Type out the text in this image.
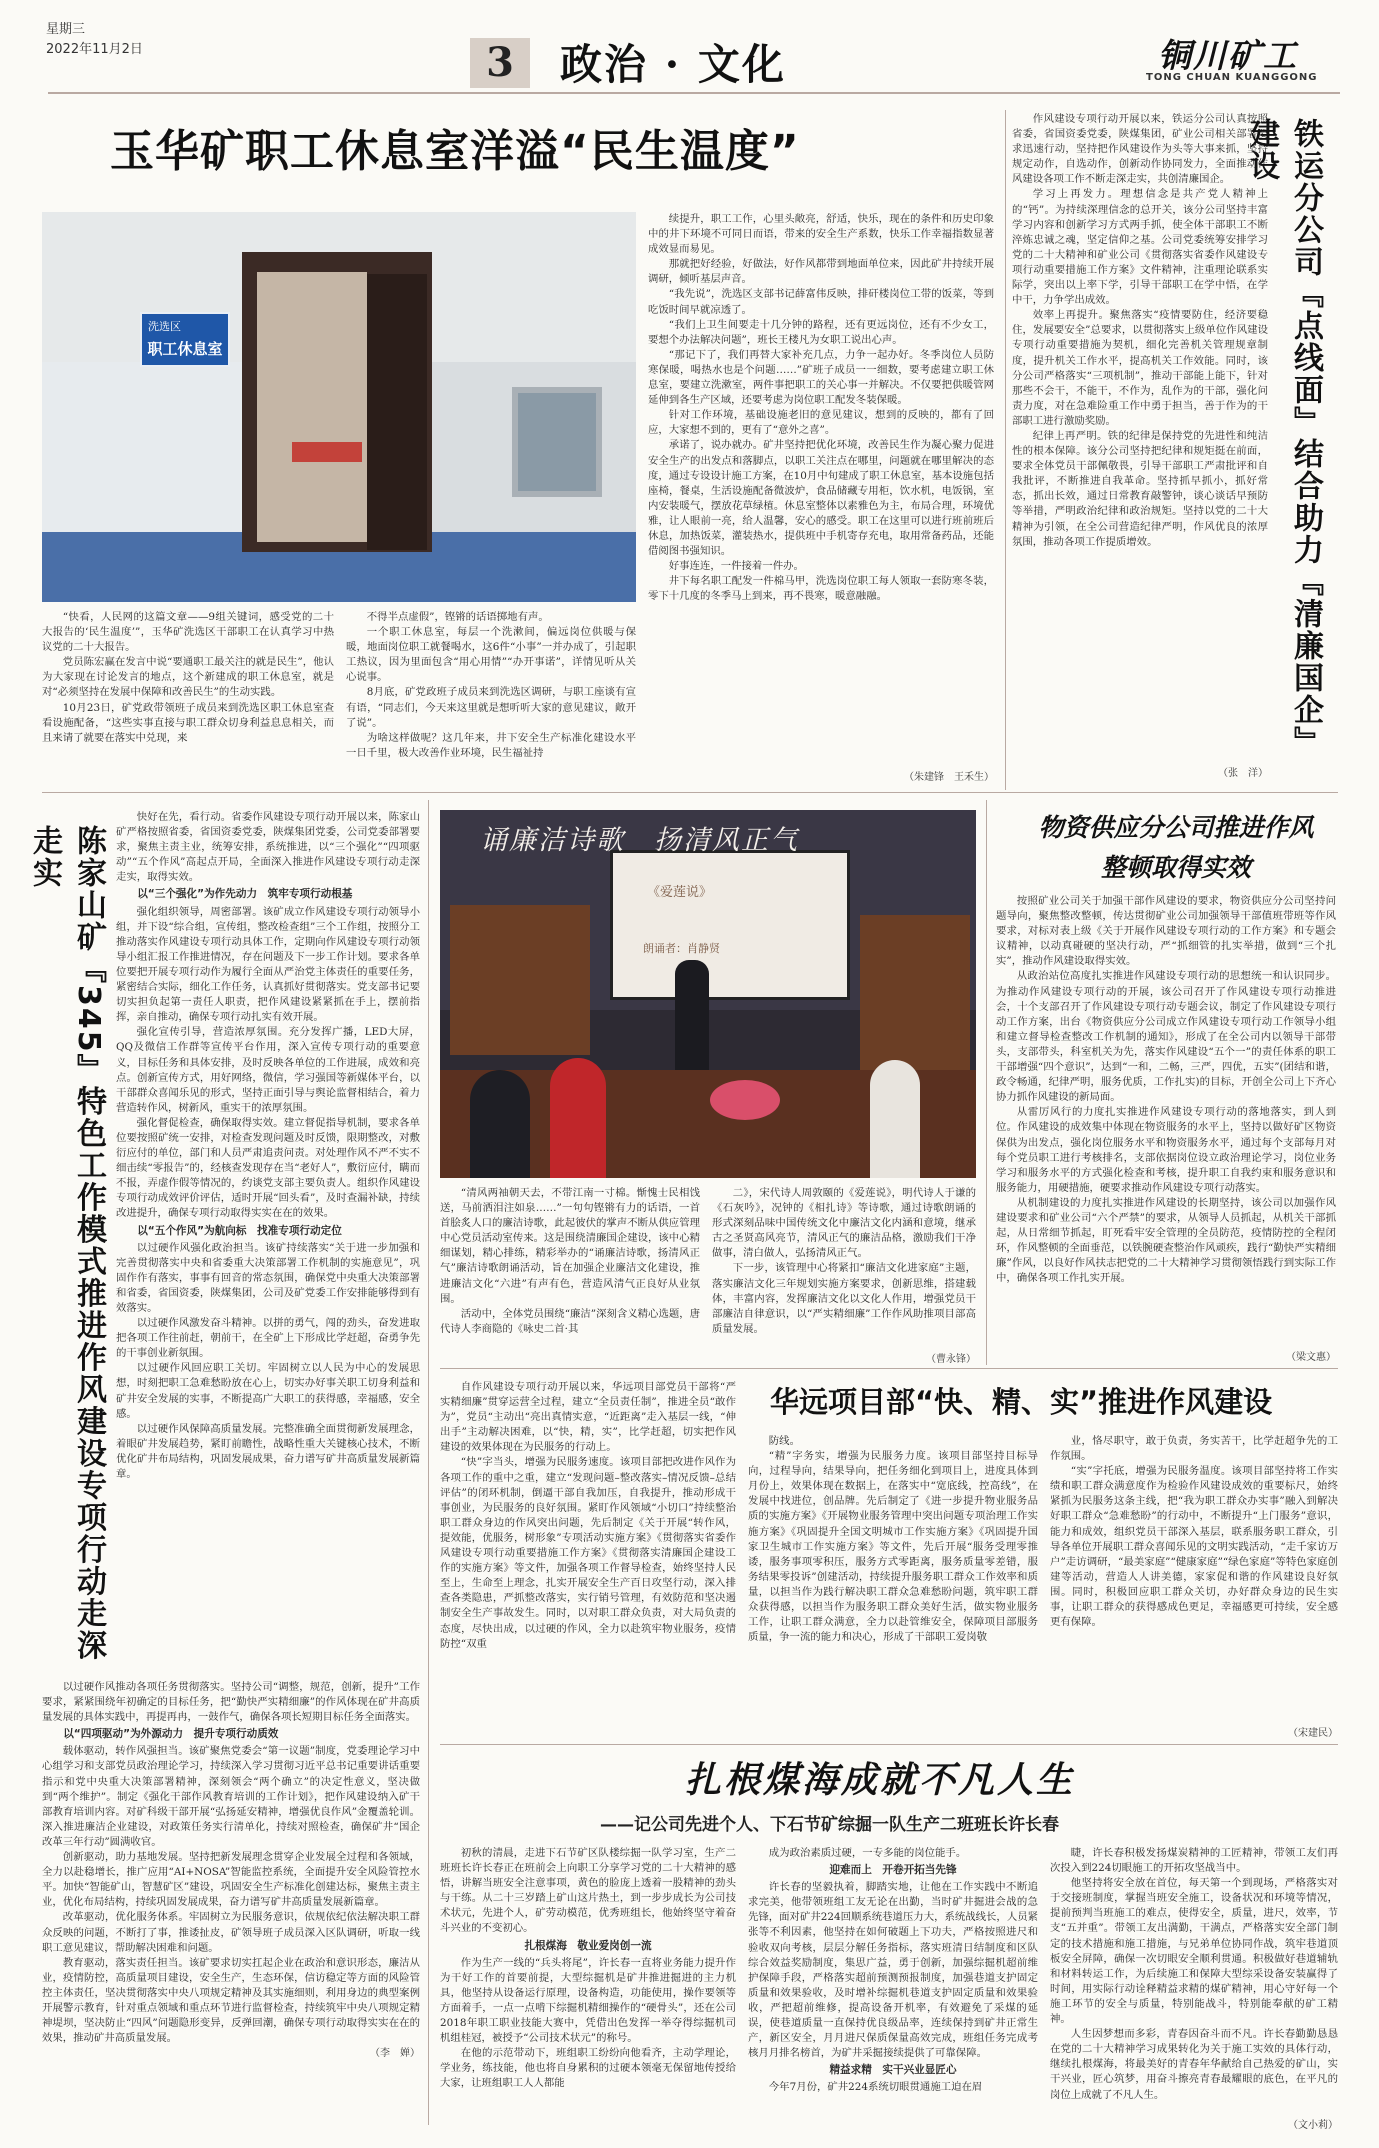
星期三
2022年11月2日	3	政治 · 文化	铜川矿工
TONG CHUAN KUANGGONG
玉华矿职工休息室洋溢“民生温度”
洗选区
职工休息室

“快看，人民网的这篇文章——9组关键词，感受党的二十大报告的‘民生温度’”，玉华矿洗选区干部职工在认真学习中热议党的二十大报告。

党员陈宏赢在发言中说“要通职工最关注的就是民生”，他认为大家现在讨论发言的地点，这个新建成的职工休息室，就是对“必须坚持在发展中保障和改善民生”的生动实践。

10月23日，矿党政带领班子成员来到洗选区职工休息室查看设施配备，“这些实事直接与职工群众切身利益息息相关，而且来请了就要在落实中兑现，来

不得半点虚假”，铿锵的话语掷地有声。

一个职工休息室，每层一个洗漱间，偏远岗位供暖与保暖，地面岗位职工就餐喝水，这6件“小事”一并办成了，引起职工热议，因为里面包含“用心用情”“办开事诺”，详情见听从关心说事。

8月底，矿党政班子成员来到洗选区调研，与职工座谈有宣有语，“同志们，今天来这里就是想听听大家的意见建议，敞开了说”。

为啥这样做呢？这几年来，井下安全生产标准化建设水平一日千里，极大改善作业环境，民生福祉持

续提升，职工工作，心里头敞亮，舒适，快乐，现在的条件和历史印象中的井下环境不可同日而语，带来的安全生产系数，快乐工作幸福指数显著成效显而易见。

那就把好经验，好做法，好作风都带到地面单位来，因此矿井持续开展调研，倾听基层声音。

“我先说”，洗选区支部书记薛富伟反映，排矸楼岗位工带的饭菜，等到吃饭时间早就凉透了。

“我们上卫生间要走十几分钟的路程，还有更远岗位，还有不少女工，要想个办法解决问题”，班长王楼凡为女职工说出心声。

“那记下了，我们再替大家补充几点，力争一起办好。冬季岗位人员防寒保暖，喝热水也是个问题……”矿班子成员一一细数，要考虑建立职工休息室，要建立洗漱室，两件事把职工的关心事一并解决。不仅要把供暖管网延伸到各生产区域，还要考虑为岗位职工配发冬装保暖。

针对工作环境，基础设施老旧的意见建议，想到的反映的，都有了回应，大家想不到的，更有了“意外之喜”。

承诺了，说办就办。矿井坚持把优化环境，改善民生作为凝心聚力促进安全生产的出发点和落脚点，以职工关注点在哪里，问题就在哪里解决的态度，通过专设设计施工方案，在10月中旬建成了职工休息室，基本设施包括座椅，餐桌，生活设施配备微波炉，食品储藏专用柜，饮水机，电饭锅，室内安装暖气，摆放花草绿植。休息室整体以素雅色为主，布局合理，环境优雅，让人眼前一亮，给人温馨，安心的感受。职工在这里可以进行班前班后休息，加热饭菜，灌装热水，提供班中手机寄存充电，取用常备药品，还能借阅图书强知识。

好事连连，一件接着一件办。

井下每名职工配发一件棉马甲，洗选岗位职工每人领取一套防寒冬装，零下十几度的冬季马上到来，再不畏寒，暖意融融。

（朱建锋　王禾生）

作风建设专项行动开展以来，铁运分公司认真按照省委，省国资委党委，陕煤集团，矿业公司相关部署要求迅速行动，坚持把作风建设作为头等大事来抓，坚持规定动作，自选动作，创新动作协同发力，全面推动作风建设各项工作不断走深走实，共创清廉国企。

学习上再发力。理想信念是共产党人精神上的“钙”。为持续深理信念的总开关，该分公司坚持丰富学习内容和创新学习方式两手抓，使全体干部职工不断淬炼忠诚之魂，坚定信仰之基。公司党委统筹安排学习党的二十大精神和矿业公司《贯彻落实省委作风建设专项行动重要措施工作方案》文件精神，注重理论联系实际学，突出以上率下学，引导干部职工在学中悟，在学中干，力争学出成效。

效率上再提升。聚焦落实“疫情要防住，经济要稳住，发展要安全”总要求，以贯彻落实上级单位作风建设专项行动重要措施为契机，细化完善机关管理规章制度，提升机关工作水平，提高机关工作效能。同时，该分公司严格落实“三项机制”，推动干部能上能下，针对那些不会干，不能干，不作为，乱作为的干部，强化问责力度，对在急难险重工作中勇于担当，善于作为的干部职工进行激励奖励。

纪律上再严明。铁的纪律是保持党的先进性和纯洁性的根本保障。该分公司坚持把纪律和规矩挺在前面，要求全体党员干部佩敬畏，引导干部职工严肃批评和自我批评，不断推进自我革命。坚持抓早抓小，抓好常态，抓出长效，通过日常教育敲警钟，谈心谈话早预防等举措，严明政治纪律和政治规矩。坚持以党的二十大精神为引领，在全公司营造纪律严明，作风优良的浓厚氛围，推动各项工作提质增效。

（张　洋）
铁运分公司『点线面』结合助力『清廉国企』建设
陈家山矿『345』特色工作模式推进作风建设专项行动走深走实

快好在先，看行动。省委作风建设专项行动开展以来，陈家山矿严格按照省委，省国资委党委，陕煤集团党委，公司党委部署要求，聚焦主责主业，统筹安排，系统推进，以“三个强化”“四项驱动”“五个作风”高起点开局，全面深入推进作风建设专项行动走深走实，取得实效。

以“三个强化”为作先动力　筑牢专项行动根基

强化组织领导，周密部署。该矿成立作风建设专项行动领导小组，并下设“综合组，宣传组，整改检查组”三个工作组，按照分工推动落实作风建设专项行动具体工作，定期向作风建设专项行动领导小组汇报工作推进情况，存在问题及下一步工作计划。要求各单位要把开展专项行动作为履行全面从严治党主体责任的重要任务，紧密结合实际，细化工作任务，认真抓好贯彻落实。党支部书记要切实担负起第一责任人职责，把作风建设紧紧抓在手上，摆前指挥，亲自推动，确保专项行动扎实有效开展。

强化宣传引导，营造浓厚氛围。充分发挥广播，LED大屏，QQ及微信工作群等宣传平台作用，深入宣传专项行动的重要意义，目标任务和具体安排，及时反映各单位的工作进展，成效和亮点。创新宣传方式，用好网络，微信，学习强国等新媒体平台，以干部群众喜闻乐见的形式，坚持正面引导与舆论监督相结合，着力营造转作风，树新风，重实干的浓厚氛围。

强化督促检查，确保取得实效。建立督促指导机制，要求各单位要按照矿统一安排，对检查发现问题及时反馈，限期整改，对敷衍应付的单位，部门和人员严肃追责问责。对处理作风不严不实不细击续“零报告”的，经核查发现存在当“老好人”，敷衍应付，瞒而不报，弄虚作假等情况的，约谈党支部主要负责人。组织作风建设专项行动成效评价评估，适时开展“回头看”，及时查漏补缺，持续改进提升，确保专项行动取得实实在在的效果。

以“五个作风”为航向标　找准专项行动定位

以过硬作风强化政治担当。该矿持续落实“关于进一步加强和完善贯彻落实中央和省委重大决策部署工作机制的实施意见”，巩固作作有落实，事事有回音的常态氛围，确保党中央重大决策部署和省委，省国资委，陕煤集团，公司及矿党委工作安排能够得到有效落实。

以过硬作风激发奋斗精神。以拼的勇气，闯的劲头，奋发进取把各项工作往前赶，朝前干，在全矿上下形成比学赶超，奋勇争先的干事创业新氛围。

以过硬作风回应职工关切。牢固树立以人民为中心的发展思想，时刻把职工急难愁盼放在心上，切实办好事关职工切身利益和矿井安全发展的实事，不断提高广大职工的获得感，幸福感，安全感。

以过硬作风保障高质量发展。完整准确全面贯彻新发展理念，着眼矿井发展趋势，紧盯前瞻性，战略性重大关键核心技术，不断优化矿井布局结构，巩固发展成果，奋力谱写矿井高质量发展新篇章。

以过硬作风推动各项任务贯彻落实。坚持公司“调整，规范，创新，提升”工作要求，紧紧围绕年初确定的目标任务，把“勤快严实精细廉”的作风体现在矿井高质量发展的具体实践中，再提再冉，一鼓作气，确保各项长短期目标任务全面落实。

以“四项驱动”为外源动力　提升专项行动质效

载体驱动，转作风强担当。该矿聚焦党委会“第一议题”制度，党委理论学习中心组学习和支部党员政治理论学习，持续深入学习贯彻习近平总书记重要讲话重要指示和党中央重大决策部署精神，深刻领会“两个确立”的决定性意义，坚决做到“两个维护”。制定《强化干部作风教育培训的工作计划》，把作风建设纳入矿干部教育培训内容。对矿科级干部开展“弘扬延安精神，增强优良作风”金覆盖轮训。深入推进廉洁企业建设，对政策任务实行清单化，持续对照检查，确保矿井“国企改革三年行动”圆满收官。

创新驱动，助力基地发展。坚持把新发展理念贯穿企业发展全过程和各领域，全力以赴稳增长，推广应用“AI+NOSA”智能监控系统，全面提升安全风险管控水平。加快“智能矿山，智慧矿区”建设，巩固安全生产标准化创建达标，聚焦主责主业，优化布局结构，持续巩固发展成果，奋力谱写矿井高质量发展新篇章。

改革驱动，优化服务体系。牢固树立为民服务意识，依规依纪依法解决职工群众反映的问题，不断打了事，推诿扯皮，矿领导班子成员深入区队调研，听取一线职工意见建议，帮助解决困难和问题。

教育驱动，落实责任担当。该矿要求切实扛起企业在政治和意识形态，廉洁从业，疫情防控，高质量项目建设，安全生产，生态环保，信访稳定等方面的风险管控主体责任，坚决贯彻落实中央八项规定精神及其实施细则，利用身边的典型案例开展警示教育，针对重点领域和重点环节进行监督检查，持续筑牢中央八项规定精神堤坝，坚决防止“四风”问题隐形变异，反弹回潮，确保专项行动取得实实在在的效果，推动矿井高质量发展。

（李　婵）

《爱莲说》
朗诵者：肖静贤
诵廉洁诗歌　扬清风正气

“清风两袖朝天去，不带江南一寸棉。惭愧士民相饯送，马前洒泪注如泉……”一句句铿锵有力的话语，一首首脍炙人口的廉洁诗歌，此起彼伏的掌声不断从供应管理中心党员活动室传来。这是围绕清廉国企建设，该中心精细谋划，精心排练，精彩举办的“诵廉洁诗歌，扬清风正气”廉洁诗歌朗诵活动，旨在加强企业廉洁文化建设，推进廉洁文化“六进”有声有色，营造风清气正良好从业氛围。

活动中，全体党员围绕“廉洁”深刻含义精心选题，唐代诗人李商隐的《咏史二首·其

二》，宋代诗人周敦颐的《爱莲说》，明代诗人于谦的《石灰吟》，况钟的《相扎诗》等诗歌，通过诗歌朗诵的形式深刻品味中国传统文化中廉洁文化内涵和意境，继承古之圣贤高风亮节，清风正气的廉洁品格，激励我们干净做事，清白做人，弘扬清风正气。

下一步，该管理中心将紧扣“廉洁文化进家庭”主题，落实廉洁文化三年规划实施方案要求，创新思维，搭建载体，丰富内容，发挥廉洁文化以文化人作用，增强党员干部廉洁自律意识，以“严实精细廉”工作作风助推项目部高质量发展。

（曹永锋）
物资供应分公司推进作风整顿取得实效

按照矿业公司关于加强干部作风建设的要求，物资供应分公司坚持问题导向，聚焦整改整顿，传达贯彻矿业公司加强领导干部值班带班等作风要求，对标对表上级《关于开展作风建设专项行动的工作方案》和专题会议精神，以动真碰硬的坚决行动，严“抓细管的扎实举措，做到“三个扎实”，推动作风建设取得实效。

从政治站位高度扎实推进作风建设专项行动的思想统一和认识同步。为推动作风建设专项行动的开展，该公司召开了作风建设专项行动推进会，十个支部召开了作风建设专项行动专题会议，制定了作风建设专项行动工作方案，出台《物资供应分公司成立作风建设专项行动工作领导小组和建立督导检查整改工作机制的通知》，形成了在全公司内以领导干部带头，支部带头，科室机关为先，落实作风建设“五个一”的责任体系的职工干部增强“四个意识”，达到“一和，二畅，三严，四优，五实”(团结和谐，政令畅通，纪律严明，服务优质，工作扎实)的目标，开创全公司上下齐心协力抓作风建设的新局面。

从雷厉风行的力度扎实推进作风建设专项行动的落地落实，到人到位。作风建设的成效集中体现在物资服务的水平上，坚持以做好矿区物资保供为出发点，强化岗位服务水平和物资服务水平，通过每个支部每月对每个党员职工进行考核排名，支部依据岗位设立政治理论学习，岗位业务学习和服务水平的方式强化检查和考核，提升职工自我约束和服务意识和服务能力，用硬措施，硬要求推动作风建设专项行动落实。

从机制建设的力度扎实推进作风建设的长期坚持，该公司以加强作风建设要求和矿业公司“六个严禁”的要求，从领导人员抓起，从机关干部抓起，从日常细节抓起，盯死看牢安全管理的全员防范，疫情防控的全程闭环，作风整顿的全面垂范，以铁腕硬查整治作风顽疾，践行“勤快严实精细廉”作风，以良好作风扶志把党的二十大精神学习贯彻领悟践行到实际工作中，确保各项工作扎实开展。

（梁文惠）
华远项目部“快、精、实”推进作风建设

自作风建设专项行动开展以来，华远项目部党员干部将“严实精细廉”贯穿运营全过程，建立“全员责任制”，推进全员“敢作为”，党员“主动出“亮出真情实意，“近距离”走入基层一线，“伸出手”主动解决困难，以“快，精，实”，比学赶超，切实把作风建设的效果体现在为民服务的行动上。

“快”字当头，增强为民服务速度。该项目部把改进作风作为各项工作的重中之重，建立“发现问题–整改落实–情况反馈–总结评估”的闭环机制，倒逼干部自我加压，自我提升，推动形成干事创业，为民服务的良好氛围。紧盯作风领域“小切口”持续整治职工群众身边的作风突出问题，先后制定《关于开展“转作风，提效能，优服务，树形象”专项活动实施方案》《贯彻落实省委作风建设专项行动重要措施工作方案》《贯彻落实清廉国企建设工作的实施方案》等文件，加强各项工作督导检查，始终坚持人民至上，生命至上理念，扎实开展安全生产百日攻坚行动，深入排查各类隐患，严抓整改落实，实行销号管理，有效防范和坚决遏制安全生产事故发生。同时，以对职工群众负责，对大局负责的态度，尽快出成，以过硬的作风，全力以赴筑牢物业服务，疫情防控“双重

防线。

“精”字务实，增强为民服务力度。该项目部坚持目标导向，过程导向，结果导向，把任务细化到项目上，进度具体到月份上，效果体现在数据上，在落实中“宽底线，控高线”，在发展中找进位，创品牌。先后制定了《进一步提升物业服务品质的实施方案》《开展物业服务管理中突出问题专项治理工作实施方案》《巩固提升全国文明城市工作实施方案》《巩固提升国家卫生城市工作实施方案》等文件，先后开展“服务受理零推诿，服务事项零积压，服务方式零距离，服务质量零差错，服务结果零投诉”创建活动，持续提升服务职工群众工作效率和质量，以担当作为践行解决职工群众急难愁盼问题，筑牢职工群众获得感，以担当作为服务职工群众美好生活，做实物业服务工作，让职工群众满意，全力以赴管维安全，保障项目部服务质量，争一流的能力和决心，形成了干部职工爱岗敬

业，恪尽职守，敢于负责，务实苦干，比学赶超争先的工作氛围。

“实”字托底，增强为民服务温度。该项目部坚持将工作实绩和职工群众满意度作为检验作风建设成效的重要标尺，始终紧抓为民服务这条主线，把“我为职工群众办实事”融入到解决好职工群众“急难愁盼”的行动中，不断提升“上门服务”意识，能力和成效，组织党员干部深入基层，联系服务职工群众，引导各单位开展职工群众喜闻乐见的文明实践活动，“走千家访万户”走访调研，“最美家庭”“健康家庭”“绿色家庭”等特色家庭创建等活动，营造人人讲美德，家家促和谐的作风建设良好氛围。同时，积极回应职工群众关切，办好群众身边的民生实事，让职工群众的获得感成色更足，幸福感更可持续，安全感更有保障。

（宋建民）
扎根煤海成就不凡人生
——记公司先进个人、下石节矿综掘一队生产二班班长许长春

初秋的清晨，走进下石节矿区队楼综掘一队学习室，生产二班班长许长春正在班前会上向职工分享学习党的二十大精神的感悟，讲解当班安全注意事项，黄色的脸庞上透着一股精神的劲头与干练。从二十三岁踏上矿山这片热土，到一步步成长为公司技术状元，先进个人，矿劳动模范，优秀班组长，他始终坚守着奋斗兴业的不变初心。

扎根煤海　敬业爱岗创一流

作为生产一线的“兵头将尾”，许长春一直将业务能力提升作为干好工作的首要前提，大型综掘机是矿井推进掘进的主力机具，他坚持从设备运行原理，设备构造，功能使用，操作要领等方面着手，一点一点啃下综掘机精细操作的“硬骨头”，还在公司2018年职工职业技能大赛中，凭借出色发挥一举夺得综掘机司机组桂冠，被授予“公司技术状元”的称号。

在他的示范带动下，班组职工纷纷向他看齐，主动学理论，学业务，练技能，他也将自身累积的过硬本领毫无保留地传授给大家，让班组职工人人都能

成为政治素质过硬，一专多能的岗位能手。

迎难而上　开卷开拓当先锋

许长春的坚毅执着，脚踏实地，让他在工作实践中不断追求完美，他带领班组工友无论在出勤，当时矿井掘进会战的急先锋，面对矿井224回顺系统巷道压力大，系统战线长，人员紧张等不利因素，他坚持在如何破题上下功夫，严格按照进尺和验收双向考核，层层分解任务指标，落实班清日结制度和区队综合效益奖励制度，集思广益，勇于创新，加强综掘机超前维护保障手段，严格落实超前预测预报制度，加强巷道支护固定质量和效果验收，及时增补综掘机巷道支护固定质量和效果验收，严把超前维修，提高设备开机率，有效避免了采煤的延误，使巷道质量一直保持优良级品率，连续保持到矿井正常生产，新区安全，月月进尺保质保量高效完成，班组任务完成考核月月排名榜首，为矿井采掘接续提供了可靠保障。

精益求精　实干兴业显匠心

今年7月份，矿井224系统切眼贯通施工迫在眉

睫，许长春积极发扬煤炭精神的工匠精神，带领工友们再次投入到224切眼施工的开拓攻坚战当中。

他坚持将安全放在首位，每天第一个到现场，严格落实对于交接班制度，掌握当班安全施工，设备状况和环境等情况，提前预判当班施工的难点，使得安全，质量，进尺，效率，节支“五并重”。带领工友出满勤，干满点，严格落实安全部门制定的技术措施和施工措施，与兄弟单位协同作战，筑牢巷道顶板安全屏障，确保一次切眼安全顺利贯通。积极做好巷道辅轨和材料转运工作，为后续施工和保障大型综采设备安装赢得了时间，用实际行动诠释精益求精的煤矿精神，用心守好每一个施工环节的安全与质量，特别能战斗，特别能奉献的矿工精神。

人生因梦想而多彩，青春因奋斗而不凡。许长春勤勤恳恳在党的二十大精神学习成果转化为关于施工实效的具体行动，继续扎根煤海，将最美好的青春年华献给自己热爱的矿山，实干兴业，匠心筑梦，用奋斗擦亮青春最耀眼的底色，在平凡的岗位上成就了不凡人生。

（文小莉）
